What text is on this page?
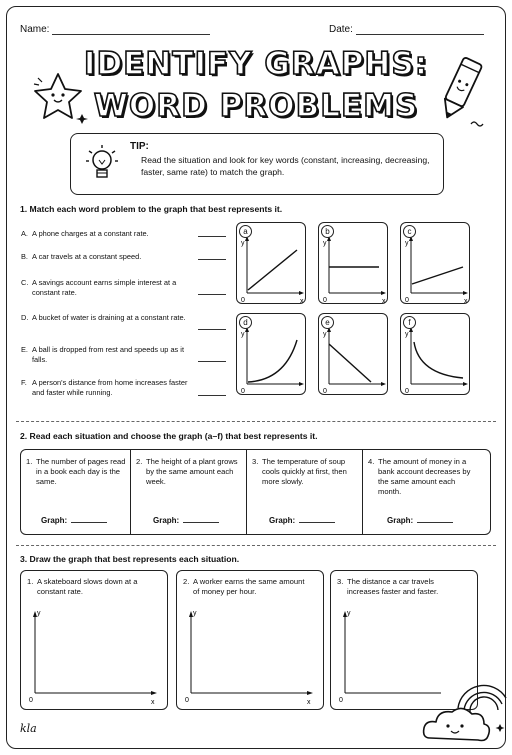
Name:	Date:
IDENTIFY GRAPHS:
WORD PROBLEMS
TIP:
Read the situation and look for key words (constant, increasing, decreasing, faster, same rate) to match the graph.
1. Match each word problem to the graph that best represents it.
A. A phone charges at a constant rate.
B. A car travels at a constant speed.
C. A savings account earns simple interest at a constant rate.
D. A bucket of water is draining at a constant rate.
E. A ball is dropped from rest and speeds up as it falls.
F. A person's distance from home increases faster and faster while running.
y
x
0
a
y
x
0
b
y
x
0
c
y
0
d
y
0
e
y
0
f
2. Read each situation and choose the graph (a–f) that best represents it.
1. The number of pages read in a book each day is the same.
Graph:
2. The height of a plant grows by the same amount each week.
Graph:
3. The temperature of soup cools quickly at first, then more slowly.
Graph:
4. The amount of money in a bank account decreases by the same amount each month.
Graph:
3. Draw the graph that best represents each situation.
1. A skateboard slows down at a constant rate.
y
x
0
2. A worker earns the same amount of money per hour.
y
x
0
3. The distance a car travels increases faster and faster.
y
0
kla
